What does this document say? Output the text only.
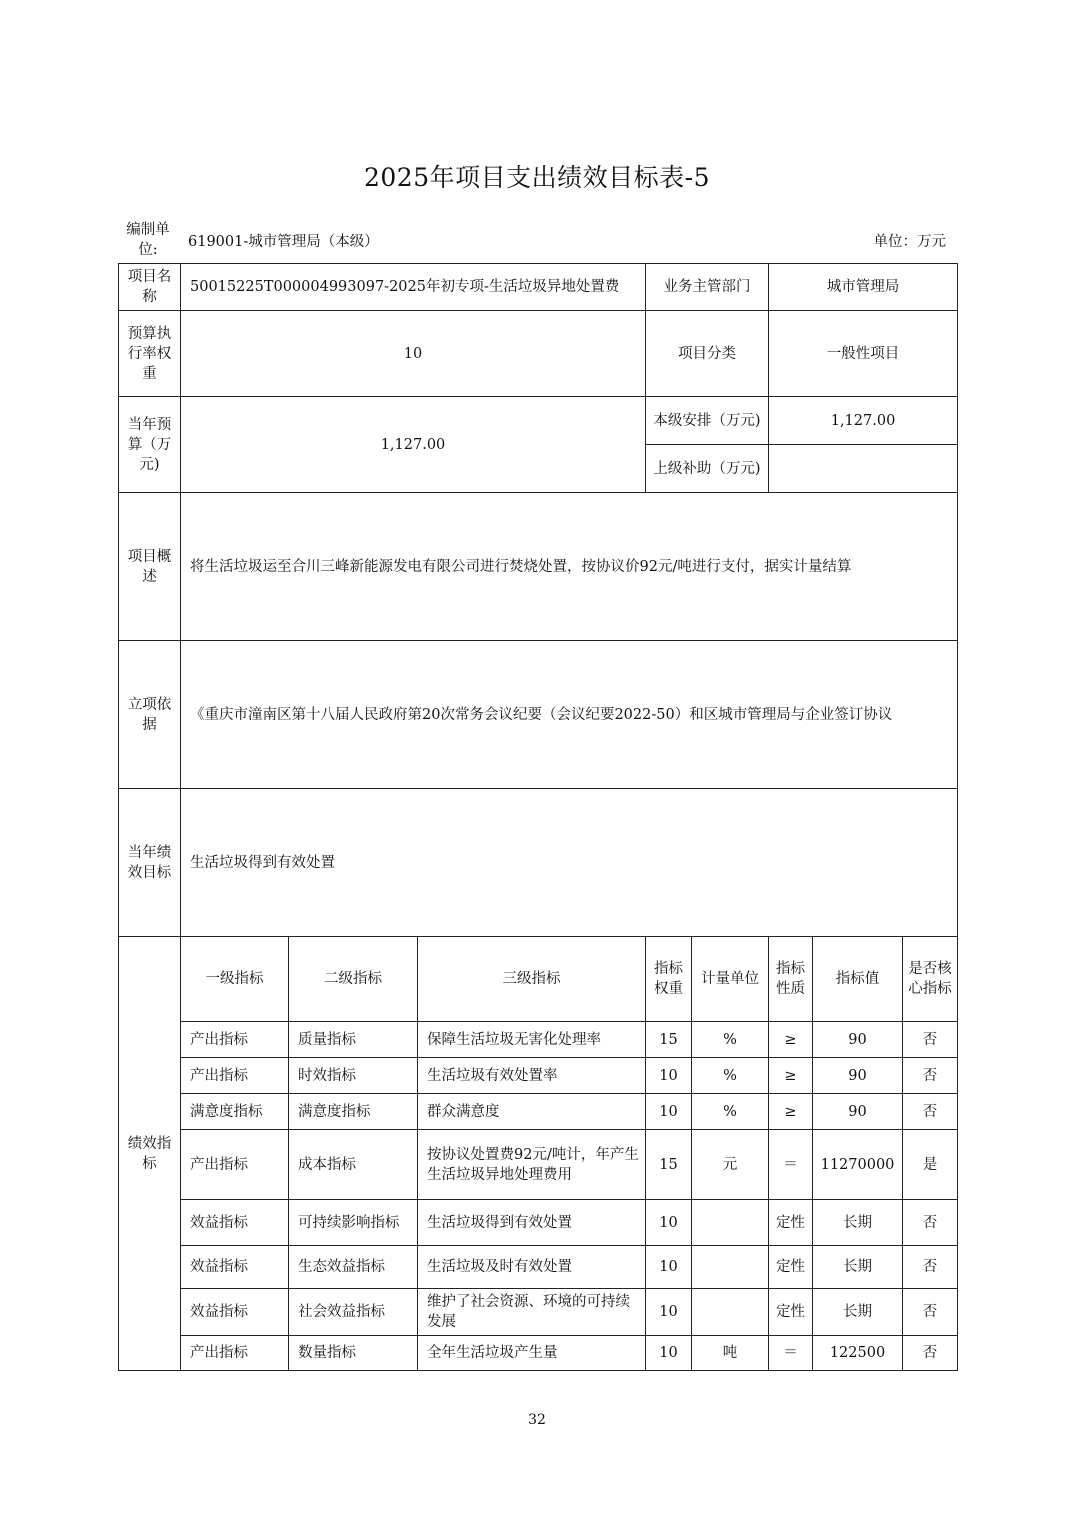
2025年项目支出绩效目标表-5
编制单位:	619001-城市管理局（本级）	单位：万元
项目名称	50015225T000004993097-2025年初专项-生活垃圾异地处置费			业务主管部门		城市管理局		
预算执行率权重	10			项目分类		一般性项目		
当年预算（万元)	1,127.00			本级安排（万元)		1,127.00		
				上级补助（万元)				
项目概述	将生活垃圾运至合川三峰新能源发电有限公司进行焚烧处置，按协议价92元/吨进行支付，据实计量结算							
立项依据	《重庆市潼南区第十八届人民政府第20次常务会议纪要（会议纪要2022-50）和区城市管理局与企业签订协议							
当年绩效目标	生活垃圾得到有效处置							
绩效指标	一级指标	二级指标	三级指标	指标权重	计量单位	指标性质	指标值	是否核心指标
	产出指标	质量指标	保障生活垃圾无害化处理率	15	%	≥	90	否
	产出指标	时效指标	生活垃圾有效处置率	10	%	≥	90	否
	满意度指标	满意度指标	群众满意度	10	%	≥	90	否
	产出指标	成本指标	按协议处置费92元/吨计，年产生生活垃圾异地处理费用	15	元	＝	11270000	是
	效益指标	可持续影响指标	生活垃圾得到有效处置	10		定性	长期	否
	效益指标	生态效益指标	生活垃圾及时有效处置	10		定性	长期	否
	效益指标	社会效益指标	维护了社会资源、环境的可持续发展	10		定性	长期	否
	产出指标	数量指标	全年生活垃圾产生量	10	吨	＝	122500	否
32
